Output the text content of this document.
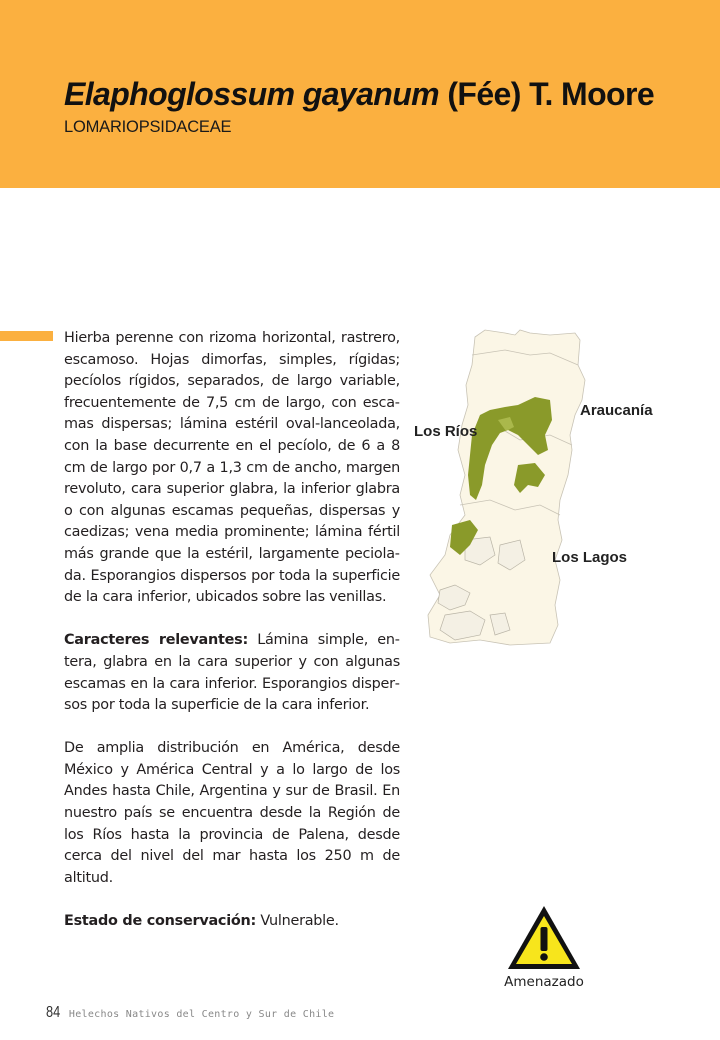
Elaphoglossum gayanum (Fée) T. Moore
LOMARIOPSIDACEAE

Hierba perenne con rizoma horizontal, rastrero, escamoso. Hojas dimorfas, simples, rígidas; pecíolos rígidos, separados, de largo variable, frecuentemente de 7,5 cm de largo, con escamas dispersas; lámina estéril oval-lanceolada, con la base decurrente en el pecíolo, de 6 a 8 cm de largo por 0,7 a 1,3 cm de ancho, margen revoluto, cara superior glabra, la inferior glabra o con algunas escamas pequeñas, dispersas y caedizas; vena media prominente; lámina fértil más grande que la estéril, largamente peciolada. Esporangios dispersos por toda la superficie de la cara inferior, ubicados sobre las venillas.

Caracteres relevantes: Lámina simple, entera, glabra en la cara superior y con algunas escamas en la cara inferior. Esporangios dispersos por toda la superficie de la cara inferior.

De amplia distribución en América, desde México y América Central y a lo largo de los Andes hasta Chile, Argentina y sur de Brasil. En nuestro país se encuentra desde la Región de los Ríos hasta la provincia de Palena, desde cerca del nivel del mar hasta los 250 m de altitud.

Estado de conservación: Vulnerable.

Araucanía
Los Ríos
Los Lagos
Amenazado
84 Helechos Nativos del Centro y Sur de Chile
